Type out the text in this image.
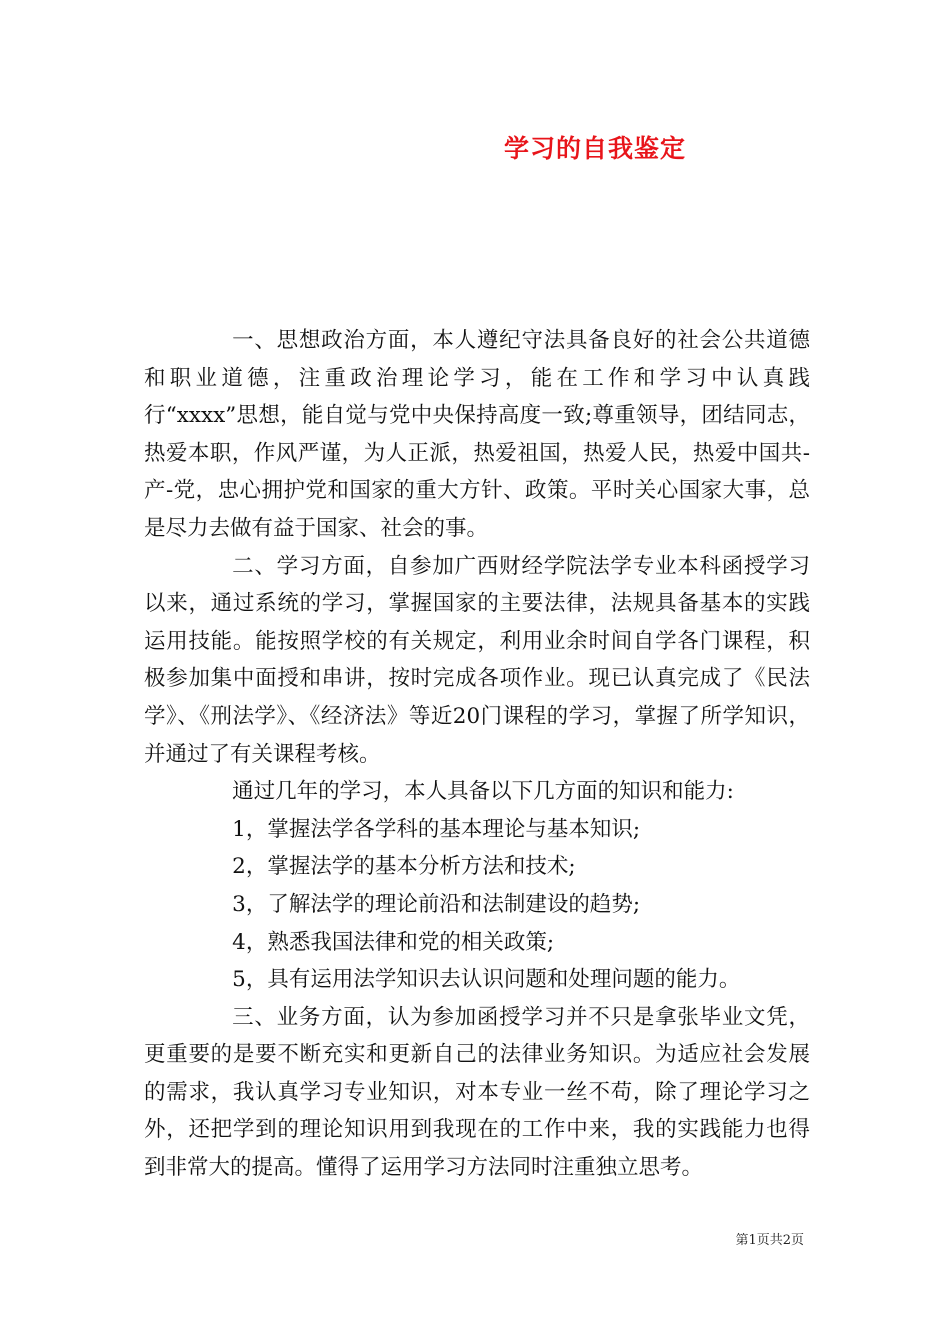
学习的自我鉴定

一、思想政治方面，本人遵纪守法具备良好的社会公共道德和职业道德，注重政治理论学习，能在工作和学习中认真践行“xxxx”思想，能自觉与党中央保持高度一致;尊重领导，团结同志，热爱本职，作风严谨，为人正派，热爱祖国，热爱人民，热爱中国共-产-党，忠心拥护党和国家的重大方针、政策。平时关心国家大事，总是尽力去做有益于国家、社会的事。

二、学习方面，自参加广西财经学院法学专业本科函授学习以来，通过系统的学习，掌握国家的主要法律，法规具备基本的实践运用技能。能按照学校的有关规定，利用业余时间自学各门课程，积极参加集中面授和串讲，按时完成各项作业。现已认真完成了《民法学》、《刑法学》、《经济法》等近20门课程的学习，掌握了所学知识，并通过了有关课程考核。

通过几年的学习，本人具备以下几方面的知识和能力:

1，掌握法学各学科的基本理论与基本知识;

2，掌握法学的基本分析方法和技术;

3，了解法学的理论前沿和法制建设的趋势;

4，熟悉我国法律和党的相关政策;

5，具有运用法学知识去认识问题和处理问题的能力。

三、业务方面，认为参加函授学习并不只是拿张毕业文凭，更重要的是要不断充实和更新自己的法律业务知识。为适应社会发展的需求，我认真学习专业知识，对本专业一丝不苟，除了理论学习之外，还把学到的理论知识用到我现在的工作中来，我的实践能力也得到非常大的提高。懂得了运用学习方法同时注重独立思考。

第1页共2页
